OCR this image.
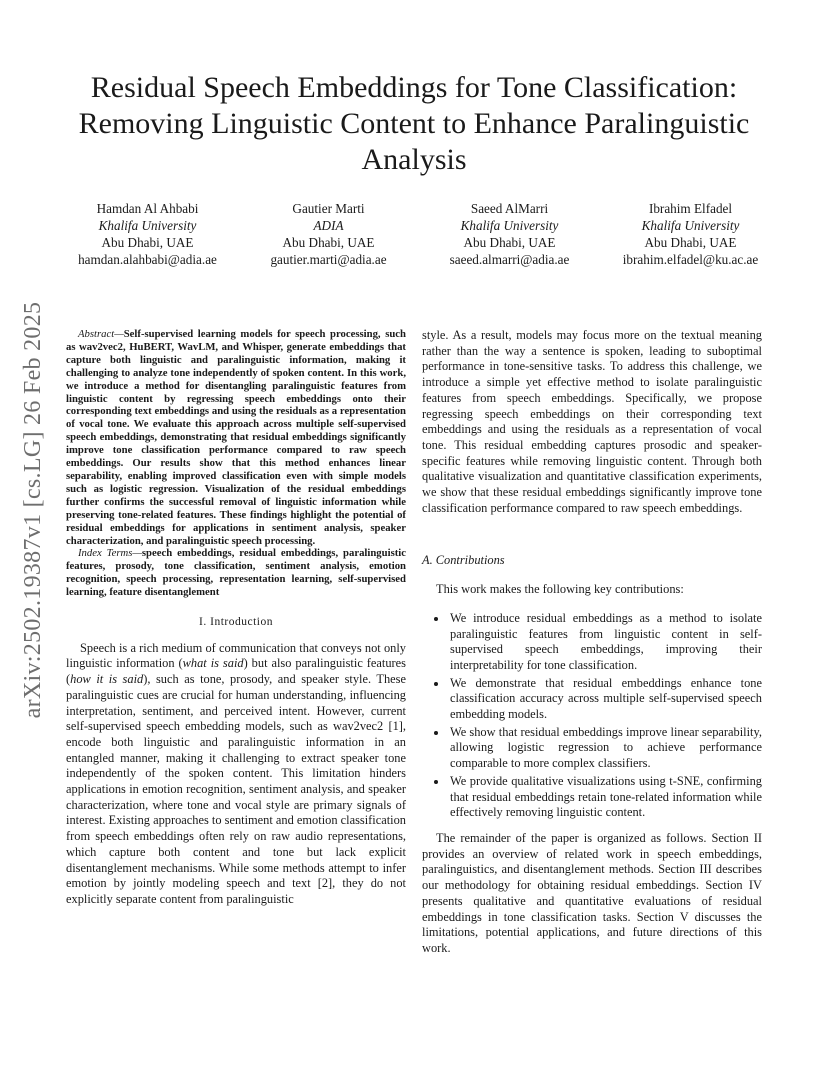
Residual Speech Embeddings for Tone Classification: Removing Linguistic Content to Enhance Paralinguistic Analysis
Hamdan Al Ahbabi
Khalifa University
Abu Dhabi, UAE
hamdan.alahbabi@adia.ae
Gautier Marti
ADIA
Abu Dhabi, UAE
gautier.marti@adia.ae
Saeed AlMarri
Khalifa University
Abu Dhabi, UAE
saeed.almarri@adia.ae
Ibrahim Elfadel
Khalifa University
Abu Dhabi, UAE
ibrahim.elfadel@ku.ac.ae
arXiv:2502.19387v1 [cs.LG] 26 Feb 2025	Abstract—Self-supervised learning models for speech processing, such as wav2vec2, HuBERT, WavLM, and Whisper, generate embeddings that capture both linguistic and paralinguistic information, making it challenging to analyze tone independently of spoken content. In this work, we introduce a method for disentangling paralinguistic features from linguistic content by regressing speech embeddings onto their corresponding text embeddings and using the residuals as a representation of vocal tone. We evaluate this approach across multiple self-supervised speech embeddings, demonstrating that residual embeddings significantly improve tone classification performance compared to raw speech embeddings. Our results show that this method enhances linear separability, enabling improved classification even with simple models such as logistic regression. Visualization of the residual embeddings further confirms the successful removal of linguistic information while preserving tone-related features. These findings highlight the potential of residual embeddings for applications in sentiment analysis, speaker characterization, and paralinguistic speech processing.

Index Terms—speech embeddings, residual embeddings, paralinguistic features, prosody, tone classification, sentiment analysis, emotion recognition, speech processing, representation learning, self-supervised learning, feature disentanglement

I. Introduction

Speech is a rich medium of communication that conveys not only linguistic information (what is said) but also paralinguistic features (how it is said), such as tone, prosody, and speaker style. These paralinguistic cues are crucial for human understanding, influencing interpretation, sentiment, and perceived intent. However, current self-supervised speech embedding models, such as wav2vec2 [1], encode both linguistic and paralinguistic information in an entangled manner, making it challenging to extract speaker tone independently of the spoken content. This limitation hinders applications in emotion recognition, sentiment analysis, and speaker characterization, where tone and vocal style are primary signals of interest. Existing approaches to sentiment and emotion classification from speech embeddings often rely on raw audio representations, which capture both content and tone but lack explicit disentanglement mechanisms. While some methods attempt to infer emotion by jointly modeling speech and text [2], they do not explicitly separate content from paralinguistic

style. As a result, models may focus more on the textual meaning rather than the way a sentence is spoken, leading to suboptimal performance in tone-sensitive tasks. To address this challenge, we introduce a simple yet effective method to isolate paralinguistic features from speech embeddings. Specifically, we propose regressing speech embeddings on their corresponding text embeddings and using the residuals as a representation of vocal tone. This residual embedding captures prosodic and speaker-specific features while removing linguistic content. Through both qualitative visualization and quantitative classification experiments, we show that these residual embeddings significantly improve tone classification performance compared to raw speech embeddings.

A. Contributions

This work makes the following key contributions:

• We introduce residual embeddings as a method to isolate paralinguistic features from linguistic content in self-supervised speech embeddings, improving their interpretability for tone classification.
• We demonstrate that residual embeddings enhance tone classification accuracy across multiple self-supervised speech embedding models.
• We show that residual embeddings improve linear separability, allowing logistic regression to achieve performance comparable to more complex classifiers.
• We provide qualitative visualizations using t-SNE, confirming that residual embeddings retain tone-related information while effectively removing linguistic content.

The remainder of the paper is organized as follows. Section II provides an overview of related work in speech embeddings, paralinguistics, and disentanglement methods. Section III describes our methodology for obtaining residual embeddings. Section IV presents qualitative and quantitative evaluations of residual embeddings in tone classification tasks. Section V discusses the limitations, potential applications, and future directions of this work.
